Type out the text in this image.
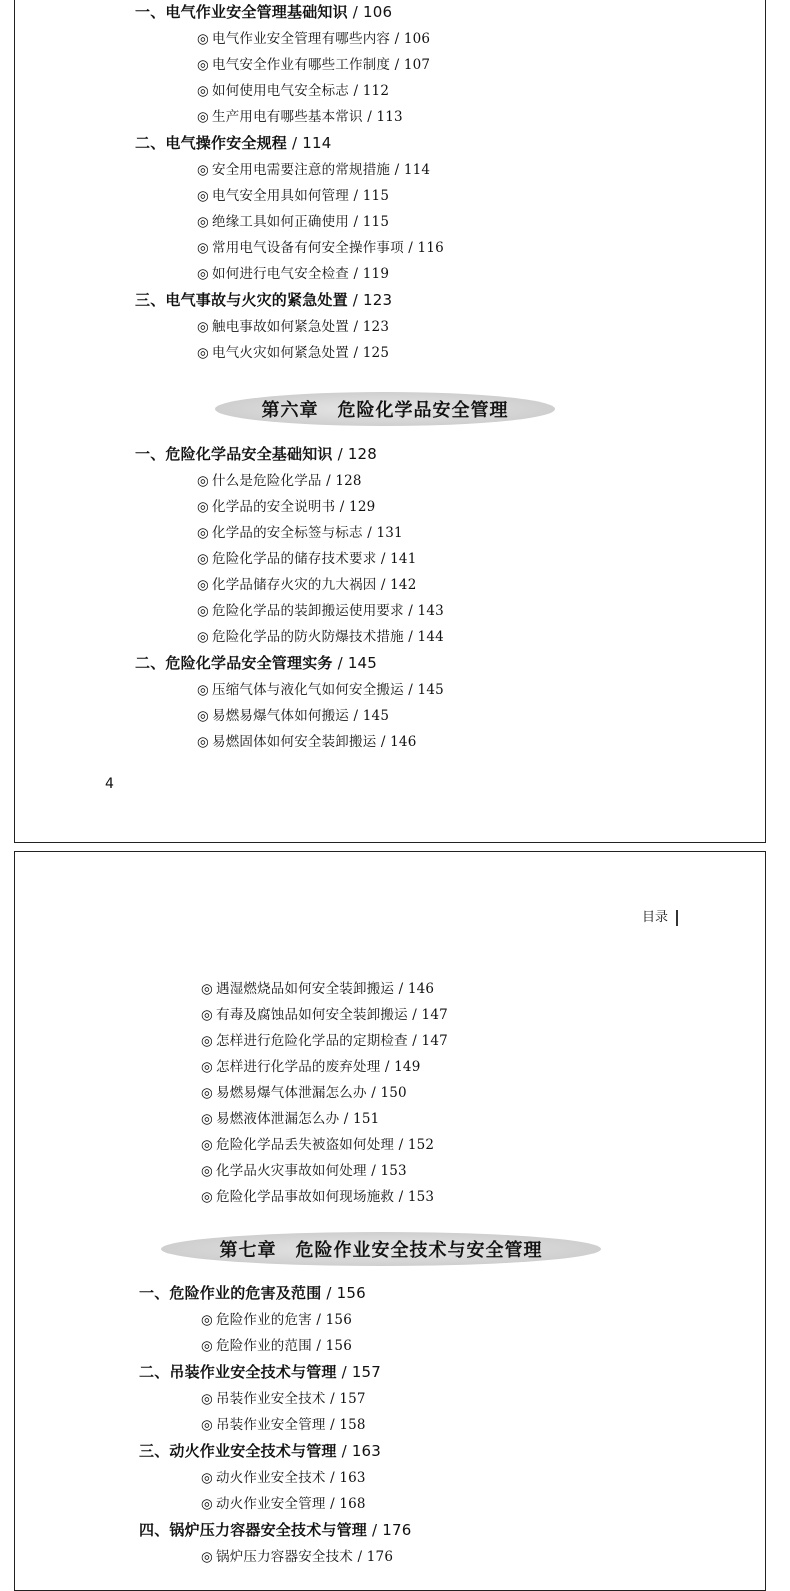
一、电气作业安全管理基础知识 / 106
◎ 电气作业安全管理有哪些内容 / 106
◎ 电气安全作业有哪些工作制度 / 107
◎ 如何使用电气安全标志 / 112
◎ 生产用电有哪些基本常识 / 113
二、电气操作安全规程 / 114
◎ 安全用电需要注意的常规措施 / 114
◎ 电气安全用具如何管理 / 115
◎ 绝缘工具如何正确使用 / 115
◎ 常用电气设备有何安全操作事项 / 116
◎ 如何进行电气安全检查 / 119
三、电气事故与火灾的紧急处置 / 123
◎ 触电事故如何紧急处置 / 123
◎ 电气火灾如何紧急处置 / 125
第六章　危险化学品安全管理
一、危险化学品安全基础知识 / 128
◎ 什么是危险化学品 / 128
◎ 化学品的安全说明书 / 129
◎ 化学品的安全标签与标志 / 131
◎ 危险化学品的储存技术要求 / 141
◎ 化学品储存火灾的九大祸因 / 142
◎ 危险化学品的装卸搬运使用要求 / 143
◎ 危险化学品的防火防爆技术措施 / 144
二、危险化学品安全管理实务 / 145
◎ 压缩气体与液化气如何安全搬运 / 145
◎ 易燃易爆气体如何搬运 / 145
◎ 易燃固体如何安全装卸搬运 / 146
4
目录
◎ 遇湿燃烧品如何安全装卸搬运 / 146
◎ 有毒及腐蚀品如何安全装卸搬运 / 147
◎ 怎样进行危险化学品的定期检查 / 147
◎ 怎样进行化学品的废弃处理 / 149
◎ 易燃易爆气体泄漏怎么办 / 150
◎ 易燃液体泄漏怎么办 / 151
◎ 危险化学品丢失被盗如何处理 / 152
◎ 化学品火灾事故如何处理 / 153
◎ 危险化学品事故如何现场施救 / 153
第七章　危险作业安全技术与安全管理
一、危险作业的危害及范围 / 156
◎ 危险作业的危害 / 156
◎ 危险作业的范围 / 156
二、吊装作业安全技术与管理 / 157
◎ 吊装作业安全技术 / 157
◎ 吊装作业安全管理 / 158
三、动火作业安全技术与管理 / 163
◎ 动火作业安全技术 / 163
◎ 动火作业安全管理 / 168
四、锅炉压力容器安全技术与管理 / 176
◎ 锅炉压力容器安全技术 / 176
